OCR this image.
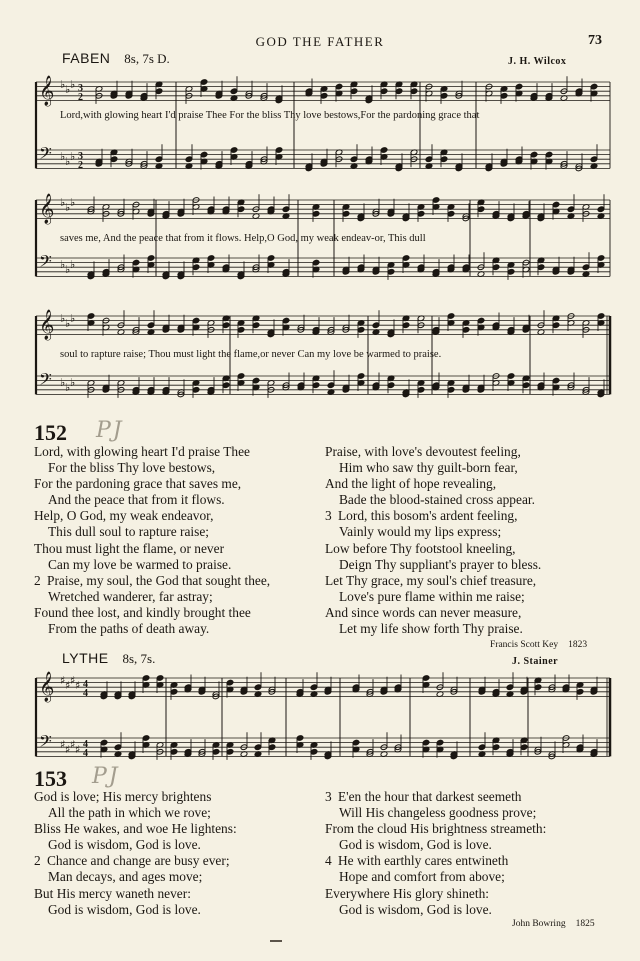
GOD THE FATHER	73
FABEN 8s, 7s D.	J. H. Wilcox
𝄞 ♭ ♭ ♭ 3
2
𝄢 ♭ ♭ ♭ 3
2
Lord,with glowing heart I'd praise Thee For the bliss Thy love bestows,For the pardoning grace that
𝄞 ♭ ♭ ♭
𝄢 ♭ ♭ ♭
saves me, And the peace that from it flows. Help,O God, my weak endeav-or, This dull
𝄞 ♭ ♭ ♭
𝄢 ♭ ♭ ♭
soul to rapture raise; Thou must light the flame,or never Can my love be warmed to praise.
152 PJ
Lord, with glowing heart I'd praise Thee
For the bliss Thy love bestows,
For the pardoning grace that saves me,
And the peace that from it flows.
Help, O God, my weak endeavor,
This dull soul to rapture raise;
Thou must light the flame, or never
Can my love be warmed to praise.
2 Praise, my soul, the God that sought thee,
Wretched wanderer, far astray;
Found thee lost, and kindly brought thee
From the paths of death away.
Praise, with love's devoutest feeling,
Him who saw thy guilt-born fear,
And the light of hope revealing,
Bade the blood-stained cross appear.
3 Lord, this bosom's ardent feeling,
Vainly would my lips express;
Low before Thy footstool kneeling,
Deign Thy suppliant's prayer to bless.
Let Thy grace, my soul's chief treasure,
Love's pure flame within me raise;
And since words can never measure,
Let my life show forth Thy praise.
Francis Scott Key 1823
LYTHE 8s, 7s.	J. Stainer
𝄞 ♯ ♯ ♯ ♯ 4
4
𝄢 ♯ ♯ ♯ ♯ 4
4
153 PJ
God is love; His mercy brightens
All the path in which we rove;
Bliss He wakes, and woe He lightens:
God is wisdom, God is love.
2 Chance and change are busy ever;
Man decays, and ages move;
But His mercy waneth never:
God is wisdom, God is love.
3 E'en the hour that darkest seemeth
Will His changeless goodness prove;
From the cloud His brightness streameth:
God is wisdom, God is love.
4 He with earthly cares entwineth
Hope and comfort from above;
Everywhere His glory shineth:
God is wisdom, God is love.
John Bowring 1825
